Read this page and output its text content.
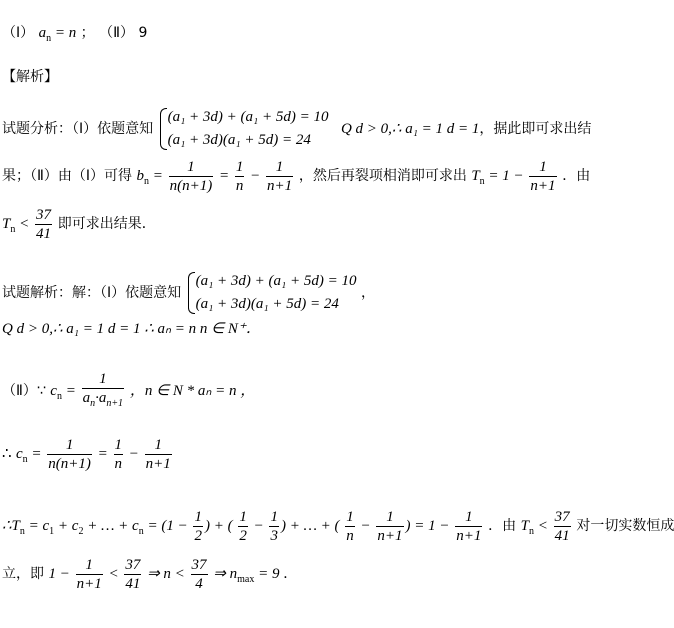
（Ⅰ） $a_n = n$ ； （Ⅱ） 9
【解析】
试题分析：（Ⅰ）依题意知
(a₁ + 3d) + (a₁ + 5d) = 10
(a₁ + 3d)(a₁ + 5d) = 24
Q d > 0,∴ a₁ = 1 d = 1，据此即可求出结
果；（Ⅱ）由（Ⅰ）可得 $b_n = \frac{1}{n(n+1)} = \frac{1}{n} - \frac{1}{n+1}$ ，然后再裂项相消即可求出 $T_n = 1 - \frac{1}{n+1}$ ．由
$T_n < \frac{37}{41}$ 即可求出结果．
试题解析：解：（Ⅰ）依题意知
(a₁ + 3d) + (a₁ + 5d) = 10
(a₁ + 3d)(a₁ + 5d) = 24
，
Q d > 0,∴ a₁ = 1 d = 1 ∴ aₙ = n n ∈ N⁺．
（Ⅱ）∵ $c_n = \frac{1}{a_n\cdot a_{n+1}}$ ，n ∈ N * aₙ = n ，
∴ $c_n = \frac{1}{n(n+1)} = \frac{1}{n} - \frac{1}{n+1}$
$\therefore T_n = c_1 + c_2$ + … + $c_n = (1 - \frac{1}{2}$ ) + ( $\frac{1}{2} - \frac{1}{3}$ ) + … + ( $\frac{1}{n} - \frac{1}{n+1}$ ) = $1 - \frac{1}{n+1}$ ．由 $T_n < \frac{37}{41}$ 对一切实数恒成
立，即 $1 - \frac{1}{n+1} < \frac{37}{41}$ ⇒ $n < \frac{37}{4}$ ⇒ $n_{max} = 9$ ．
